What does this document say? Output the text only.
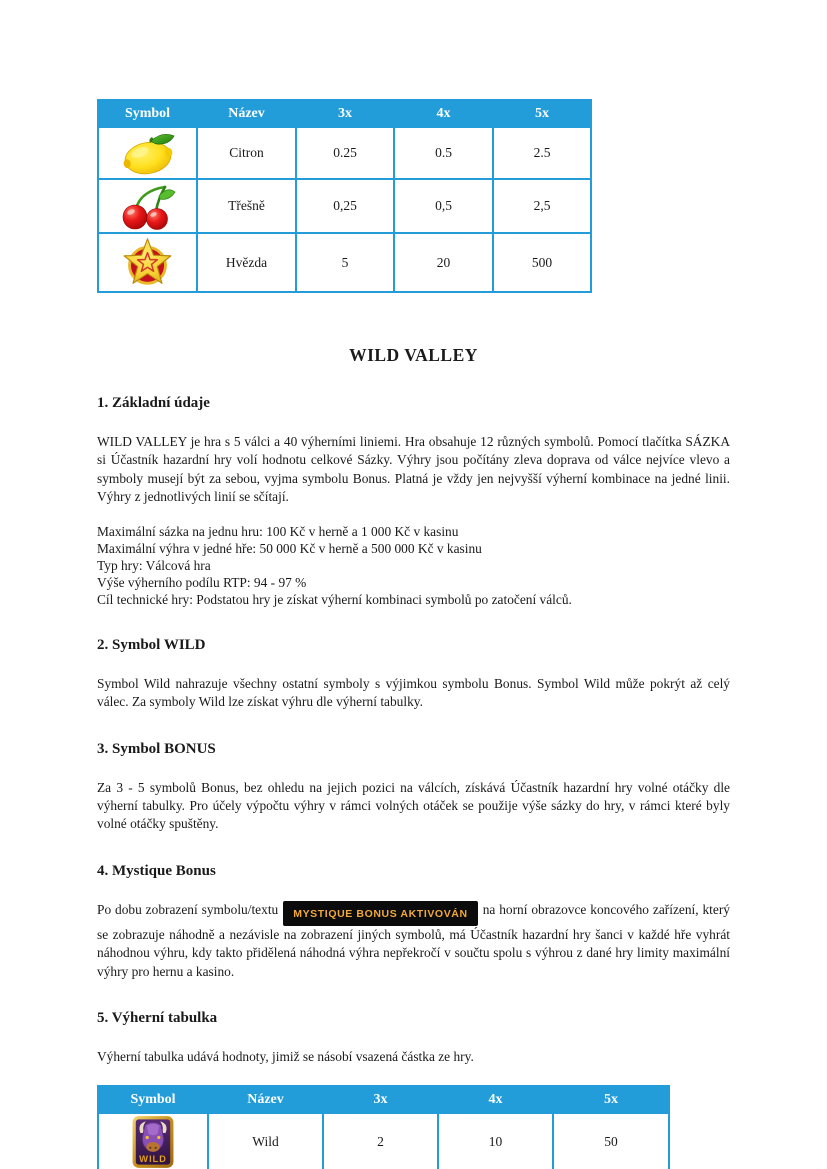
Symbol	Název	3x	4x	5x

	Citron	0.25	0.5	2.5

	Třešně	0,25	0,5	2,5

	Hvězda	5	20	500
WILD VALLEY
1. Základní údaje

WILD VALLEY je hra s 5 válci a 40 výherními liniemi. Hra obsahuje 12 různých symbolů. Pomocí tlačítka SÁZKA si Účastník hazardní hry volí hodnotu celkové Sázky. Výhry jsou počítány zleva doprava od válce nejvíce vlevo a symboly musejí být za sebou, vyjma symbolu Bonus. Platná je vždy jen nejvyšší výherní kombinace na jedné linii. Výhry z jednotlivých linií se sčítají.

Maximální sázka na jednu hru: 100 Kč v herně a 1 000 Kč v kasinu
Maximální výhra v jedné hře: 50 000 Kč v herně a 500 000 Kč v kasinu
Typ hry: Válcová hra
Výše výherního podílu RTP: 94 - 97 %
Cíl technické hry: Podstatou hry je získat výherní kombinaci symbolů po zatočení válců.
2. Symbol WILD

Symbol Wild nahrazuje všechny ostatní symboly s výjimkou symbolu Bonus. Symbol Wild může pokrýt až celý válec. Za symboly Wild lze získat výhru dle výherní tabulky.

3. Symbol BONUS

Za 3 - 5 symbolů Bonus, bez ohledu na jejich pozici na válcích, získává Účastník hazardní hry volné otáčky dle výherní tabulky. Pro účely výpočtu výhry v rámci volných otáček se použije výše sázky do hry, v rámci které byly volné otáčky spuštěny.

4. Mystique Bonus

Po dobu zobrazení symbolu/textu MYSTIQUE BONUS AKTIVOVÁN na horní obrazovce koncového zařízení, který se zobrazuje náhodně a nezávisle na zobrazení jiných symbolů, má Účastník hazardní hry šanci v každé hře vyhrát náhodnou výhru, kdy takto přidělená náhodná výhra nepřekročí v součtu spolu s výhrou z dané hry limity maximální výhry pro hernu a kasino.

5. Výherní tabulka

Výherní tabulka udává hodnoty, jimiž se násobí vsazená částka ze hry.

Symbol	Název	3x	4x	5x

WILD	Wild	2	10	50
